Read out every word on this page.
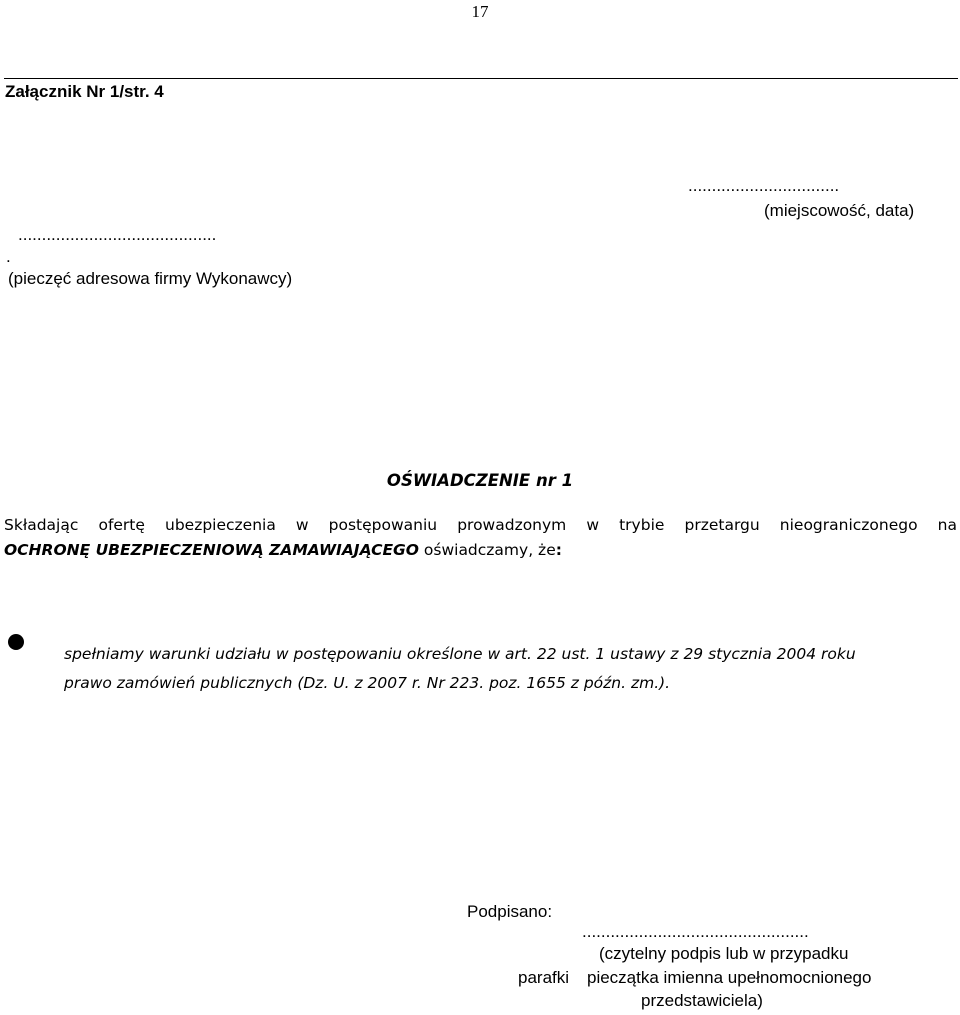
17
Załącznik Nr 1/str. 4
................................
(miejscowość, data)
..........................................
.
(pieczęć adresowa firmy Wykonawcy)
OŚWIADCZENIE nr 1
Składając ofertę ubezpieczenia w postępowaniu prowadzonym w trybie przetargu nieograniczonego na
OCHRONĘ UBEZPIECZENIOWĄ ZAMAWIAJĄCEGO oświadczamy, że:
spełniamy warunki udziału w postępowaniu określone w art. 22 ust. 1 ustawy z 29 stycznia 2004 roku
prawo zamówień publicznych (Dz. U. z 2007 r. Nr 223. poz. 1655 z późn. zm.).
Podpisano:
................................................
(czytelny podpis lub w przypadku
parafki pieczątka imienna upełnomocnionego
przedstawiciela)
